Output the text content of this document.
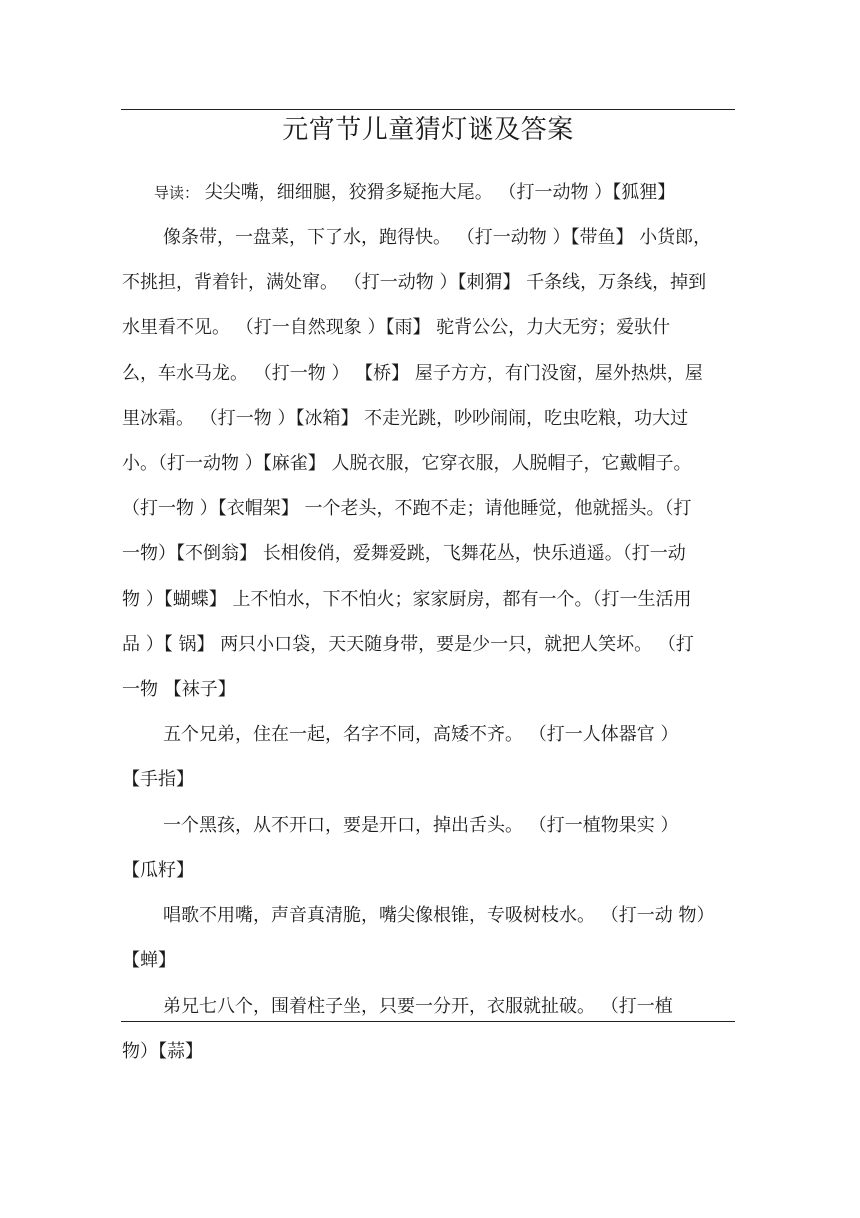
元宵节儿童猜灯谜及答案
导读： 尖尖嘴，细细腿，狡猾多疑拖大尾。 （打一动物 ）【狐狸】
像条带，一盘菜，下了水，跑得快。 （打一动物 ）【带鱼】 小货郎，
不挑担，背着针，满处窜。 （打一动物 ）【刺猬】 千条线，万条线，掉到
水里看不见。 （打一自然现象 ）【雨】 驼背公公，力大无穷；爱驮什
么，车水马龙。 （打一物 ） 【桥】 屋子方方，有门没窗，屋外热烘，屋
里冰霜。 （打一物 ）【冰箱】 不走光跳，吵吵闹闹，吃虫吃粮，功大过
小。（打一动物 ）【麻雀】 人脱衣服，它穿衣服，人脱帽子，它戴帽子。
（打一物 ）【衣帽架】 一个老头，不跑不走；请他睡觉，他就摇头。（打
一物）【不倒翁】 长相俊俏，爱舞爱跳，飞舞花丛，快乐逍遥。（打一动
物 ）【蝴蝶】 上不怕水，下不怕火；家家厨房，都有一个。（打一生活用
品 ）【 锅】 两只小口袋，天天随身带，要是少一只，就把人笑坏。 （打
一物 【袜子】
五个兄弟，住在一起，名字不同，高矮不齐。 （打一人体器官 ）
【手指】
一个黑孩，从不开口，要是开口，掉出舌头。 （打一植物果实 ）
【瓜籽】
唱歌不用嘴，声音真清脆，嘴尖像根锥，专吸树枝水。 （打一动 物）
【蝉】
弟兄七八个，围着柱子坐，只要一分开，衣服就扯破。 （打一植
物）【蒜】
